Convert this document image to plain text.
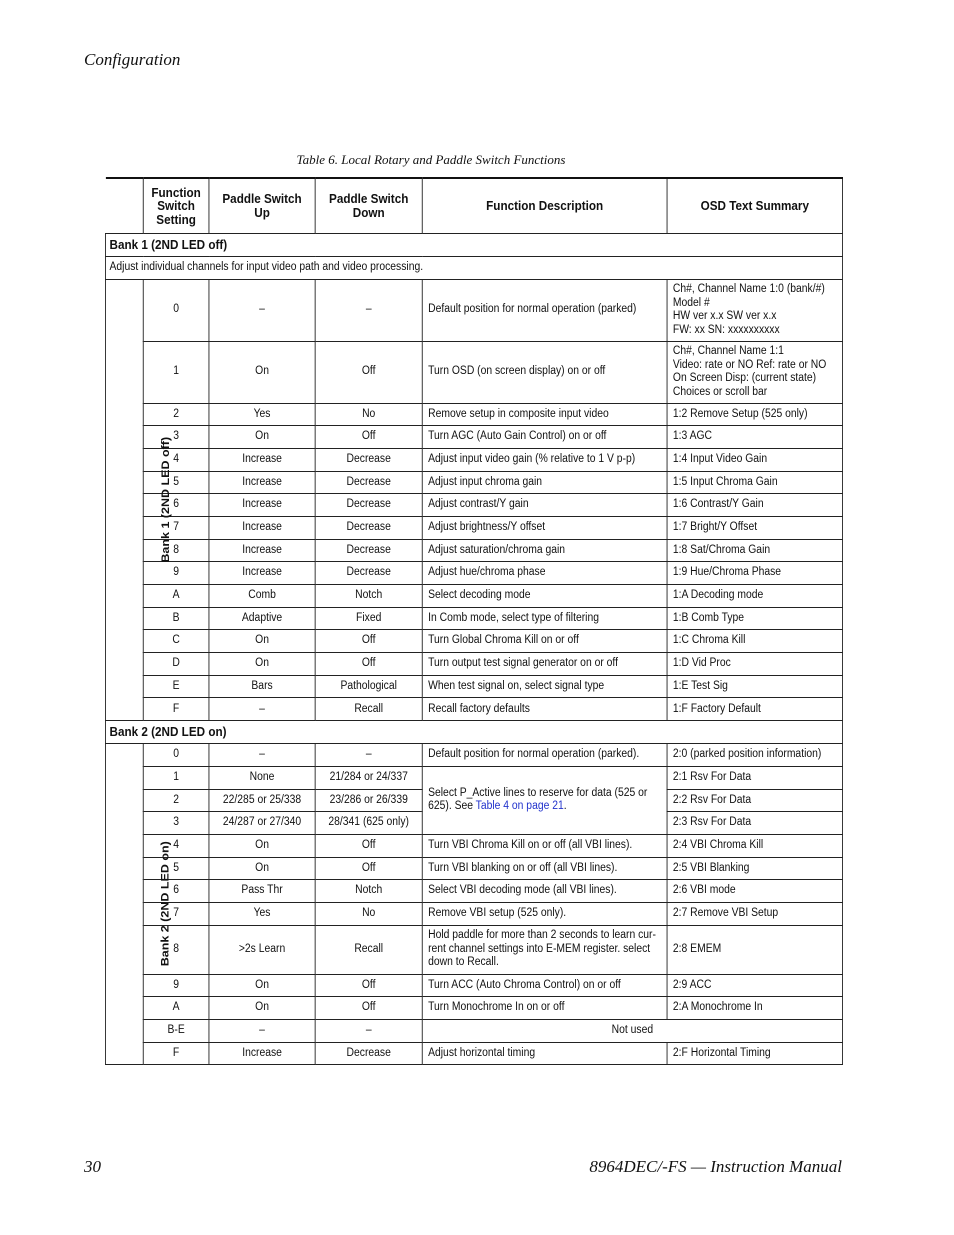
Configuration
Table 6. Local Rotary and Paddle Switch Functions
	Function Switch Setting	Paddle Switch Up	Paddle Switch Down	Function Description	OSD Text Summary
Bank 1 (2ND LED off)					
Adjust individual channels for input video path and video processing.					
Bank 1 (2ND LED off)	0	–	–	Default position for normal operation (parked)	Ch#, Channel Name 1:0 (bank/#)
Model #
HW ver x.x SW ver x.x
FW: xx SN: xxxxxxxxxx
	1	On	Off	Turn OSD (on screen display) on or off	Ch#, Channel Name 1:1
Video: rate or NO Ref: rate or NO
On Screen Disp: (current state)
Choices or scroll bar
	2	Yes	No	Remove setup in composite input video	1:2 Remove Setup (525 only)
	3	On	Off	Turn AGC (Auto Gain Control) on or off	1:3 AGC
	4	Increase	Decrease	Adjust input video gain (% relative to 1 V p-p)	1:4 Input Video Gain
	5	Increase	Decrease	Adjust input chroma gain	1:5 Input Chroma Gain
	6	Increase	Decrease	Adjust contrast/Y gain	1:6 Contrast/Y Gain
	7	Increase	Decrease	Adjust brightness/Y offset	1:7 Bright/Y Offset
	8	Increase	Decrease	Adjust saturation/chroma gain	1:8 Sat/Chroma Gain
	9	Increase	Decrease	Adjust hue/chroma phase	1:9 Hue/Chroma Phase
	A	Comb	Notch	Select decoding mode	1:A Decoding mode
	B	Adaptive	Fixed	In Comb mode, select type of filtering	1:B Comb Type
	C	On	Off	Turn Global Chroma Kill on or off	1:C Chroma Kill
	D	On	Off	Turn output test signal generator on or off	1:D Vid Proc
	E	Bars	Pathological	When test signal on, select signal type	1:E Test Sig
	F	–	Recall	Recall factory defaults	1:F Factory Default
Bank 2 (2ND LED on)					
Bank 2 (2ND LED on)	0	–	–	Default position for normal operation (parked).	2:0 (parked position information)
	1	None	21/284 or 24/337	Select P_Active lines to reserve for data (525 or 625). See Table 4 on page 21.	2:1 Rsv For Data
	2	22/285 or 25/338	23/286 or 26/339		2:2 Rsv For Data
	3	24/287 or 27/340	28/341 (625 only)		2:3 Rsv For Data
	4	On	Off	Turn VBI Chroma Kill on or off (all VBI lines).	2:4 VBI Chroma Kill
	5	On	Off	Turn VBI blanking on or off (all VBI lines).	2:5 VBI Blanking
	6	Pass Thr	Notch	Select VBI decoding mode (all VBI lines).	2:6 VBI mode
	7	Yes	No	Remove VBI setup (525 only).	2:7 Remove VBI Setup
	8	>2s Learn	Recall	Hold paddle for more than 2 seconds to learn cur-
rent channel settings into E-MEM register. select
down to Recall.	2:8 EMEM
	9	On	Off	Turn ACC (Auto Chroma Control) on or off	2:9 ACC
	A	On	Off	Turn Monochrome In on or off	2:A Monochrome In
	B-E	–	–	Not used	
	F	Increase	Decrease	Adjust horizontal timing	2:F Horizontal Timing
30	8964DEC/-FS — Instruction Manual
